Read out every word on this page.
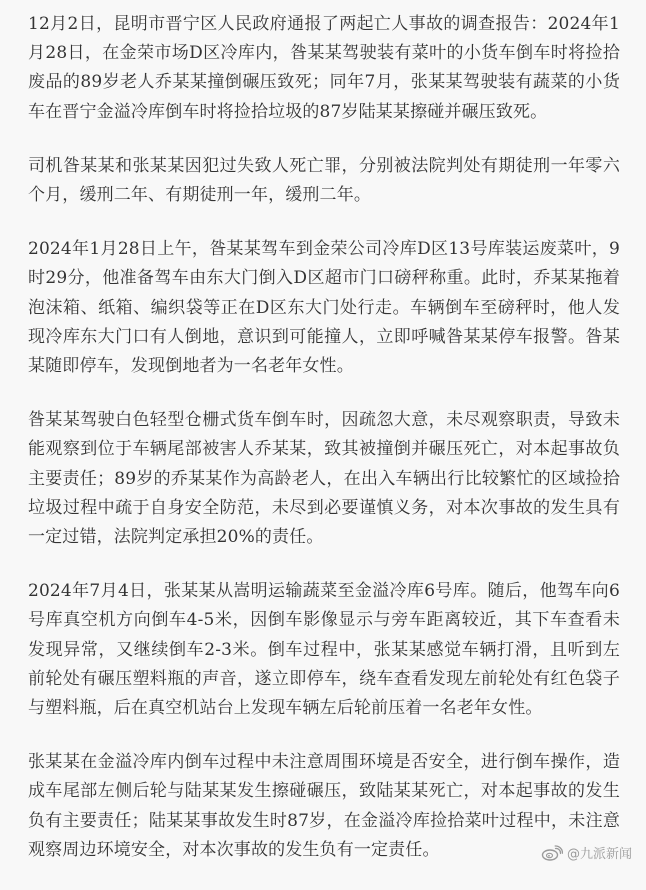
12月2日，昆明市晋宁区人民政府通报了两起亡人事故的调查报告：2024年1月28日，在金荣市场D区冷库内，昝某某驾驶装有菜叶的小货车倒车时将捡拾废品的89岁老人乔某某撞倒碾压致死；同年7月，张某某驾驶装有蔬菜的小货车在晋宁金溢冷库倒车时将捡拾垃圾的87岁陆某某擦碰并碾压致死。

司机昝某某和张某某因犯过失致人死亡罪，分别被法院判处有期徒刑一年零六个月，缓刑二年、有期徒刑一年，缓刑二年。

2024年1月28日上午，昝某某驾车到金荣公司冷库D区13号库装运废菜叶，9时29分，他准备驾车由东大门倒入D区超市门口磅秤称重。此时，乔某某拖着泡沫箱、纸箱、编织袋等正在D区东大门处行走。车辆倒车至磅秤时，他人发现冷库东大门口有人倒地，意识到可能撞人，立即呼喊昝某某停车报警。昝某某随即停车，发现倒地者为一名老年女性。

昝某某驾驶白色轻型仓栅式货车倒车时，因疏忽大意，未尽观察职责，导致未能观察到位于车辆尾部被害人乔某某，致其被撞倒并碾压死亡，对本起事故负主要责任；89岁的乔某某作为高龄老人，在出入车辆出行比较繁忙的区域捡拾垃圾过程中疏于自身安全防范，未尽到必要谨慎义务，对本次事故的发生具有一定过错，法院判定承担20%的责任。

2024年7月4日，张某某从嵩明运输蔬菜至金溢冷库6号库。随后，他驾车向6号库真空机方向倒车4-5米，因倒车影像显示与旁车距离较近，其下车查看未发现异常，又继续倒车2-3米。倒车过程中，张某某感觉车辆打滑，且听到左前轮处有碾压塑料瓶的声音，遂立即停车，绕车查看发现左前轮处有红色袋子与塑料瓶，后在真空机站台上发现车辆左后轮前压着一名老年女性。

张某某在金溢冷库内倒车过程中未注意周围环境是否安全，进行倒车操作，造成车尾部左侧后轮与陆某某发生擦碰碾压，致陆某某死亡，对本起事故的发生负有主要责任；陆某某事故发生时87岁，在金溢冷库捡拾菜叶过程中，未注意观察周边环境安全，对本次事故的发生负有一定责任。	@九派新闻
